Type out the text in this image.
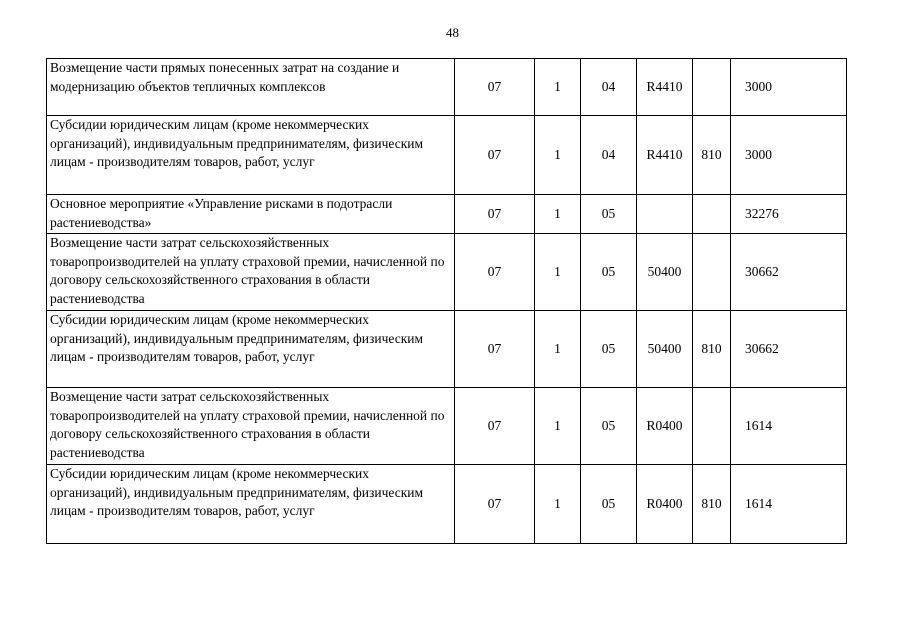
48
Возмещение части прямых понесенных затрат на создание и модернизацию объектов тепличных комплексов	07	1	04	R4410		3000
Субсидии юридическим лицам (кроме некоммерческих организаций), индивидуальным предпринимателям, физическим лицам - производителям товаров, работ, услуг	07	1	04	R4410	810	3000
Основное мероприятие «Управление рисками в подотрасли растениеводства»	07	1	05			32276
Возмещение части затрат сельскохозяйственных товаропроизводителей на уплату страховой премии, начисленной по договору сельскохозяйственного страхования в области растениеводства	07	1	05	50400		30662
Субсидии юридическим лицам (кроме некоммерческих организаций), индивидуальным предпринимателям, физическим лицам - производителям товаров, работ, услуг	07	1	05	50400	810	30662
Возмещение части затрат сельскохозяйственных товаропроизводителей на уплату страховой премии, начисленной по договору сельскохозяйственного страхования в области растениеводства	07	1	05	R0400		1614
Субсидии юридическим лицам (кроме некоммерческих организаций), индивидуальным предпринимателям, физическим лицам - производителям товаров, работ, услуг	07	1	05	R0400	810	1614
